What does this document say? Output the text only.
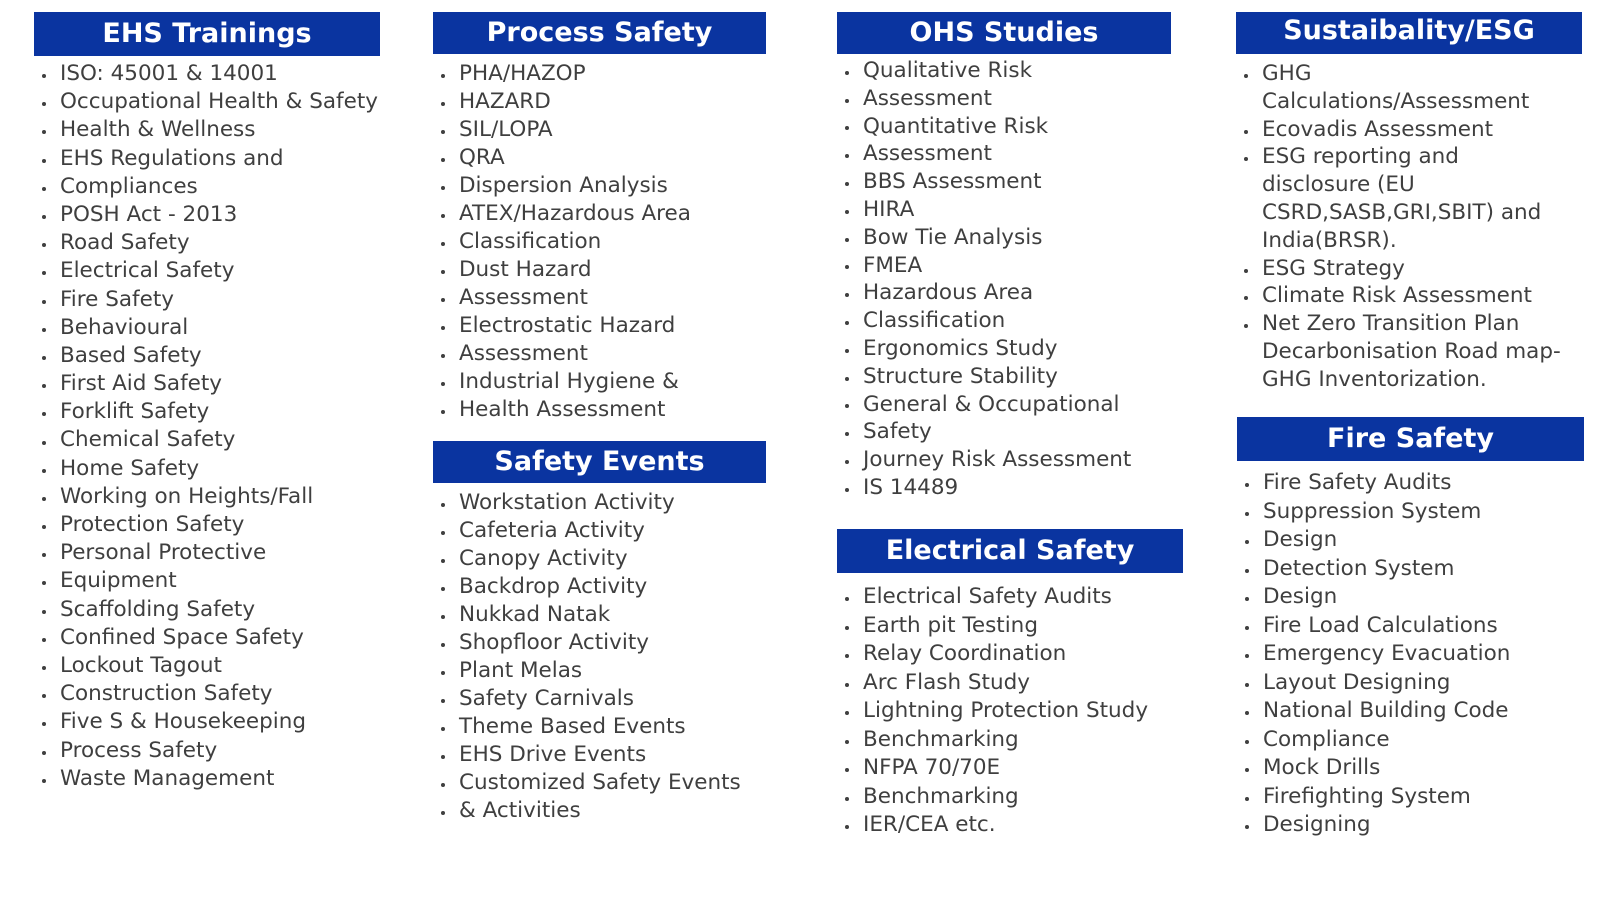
EHS Trainings
ISO: 45001 & 14001
Occupational Health & Safety
Health & Wellness
EHS Regulations and
Compliances
POSH Act - 2013
Road Safety
Electrical Safety
Fire Safety
Behavioural
Based Safety
First Aid Safety
Forklift Safety
Chemical Safety
Home Safety
Working on Heights/Fall
Protection Safety
Personal Protective
Equipment
Scaffolding Safety
Confined Space Safety
Lockout Tagout
Construction Safety
Five S & Housekeeping
Process Safety
Waste Management
Process Safety
PHA/HAZOP
HAZARD
SIL/LOPA
QRA
Dispersion Analysis
ATEX/Hazardous Area
Classification
Dust Hazard
Assessment
Electrostatic Hazard
Assessment
Industrial Hygiene &
Health Assessment
Safety Events
Workstation Activity
Cafeteria Activity
Canopy Activity
Backdrop Activity
Nukkad Natak
Shopfloor Activity
Plant Melas
Safety Carnivals
Theme Based Events
EHS Drive Events
Customized Safety Events
& Activities
OHS Studies
Qualitative Risk
Assessment
Quantitative Risk
Assessment
BBS Assessment
HIRA
Bow Tie Analysis
FMEA
Hazardous Area
Classification
Ergonomics Study
Structure Stability
General & Occupational
Safety
Journey Risk Assessment
IS 14489
Electrical Safety
Electrical Safety Audits
Earth pit Testing
Relay Coordination
Arc Flash Study
Lightning Protection Study
Benchmarking
NFPA 70/70E
Benchmarking
IER/CEA etc.
Sustaibality/ESG
GHG
Calculations/Assessment
Ecovadis Assessment
ESG reporting and
disclosure (EU
CSRD,SASB,GRI,SBIT) and
India(BRSR).
ESG Strategy
Climate Risk Assessment
Net Zero Transition Plan
Decarbonisation Road map-
GHG Inventorization.
Fire Safety
Fire Safety Audits
Suppression System
Design
Detection System
Design
Fire Load Calculations
Emergency Evacuation
Layout Designing
National Building Code
Compliance
Mock Drills
Firefighting System
Designing
